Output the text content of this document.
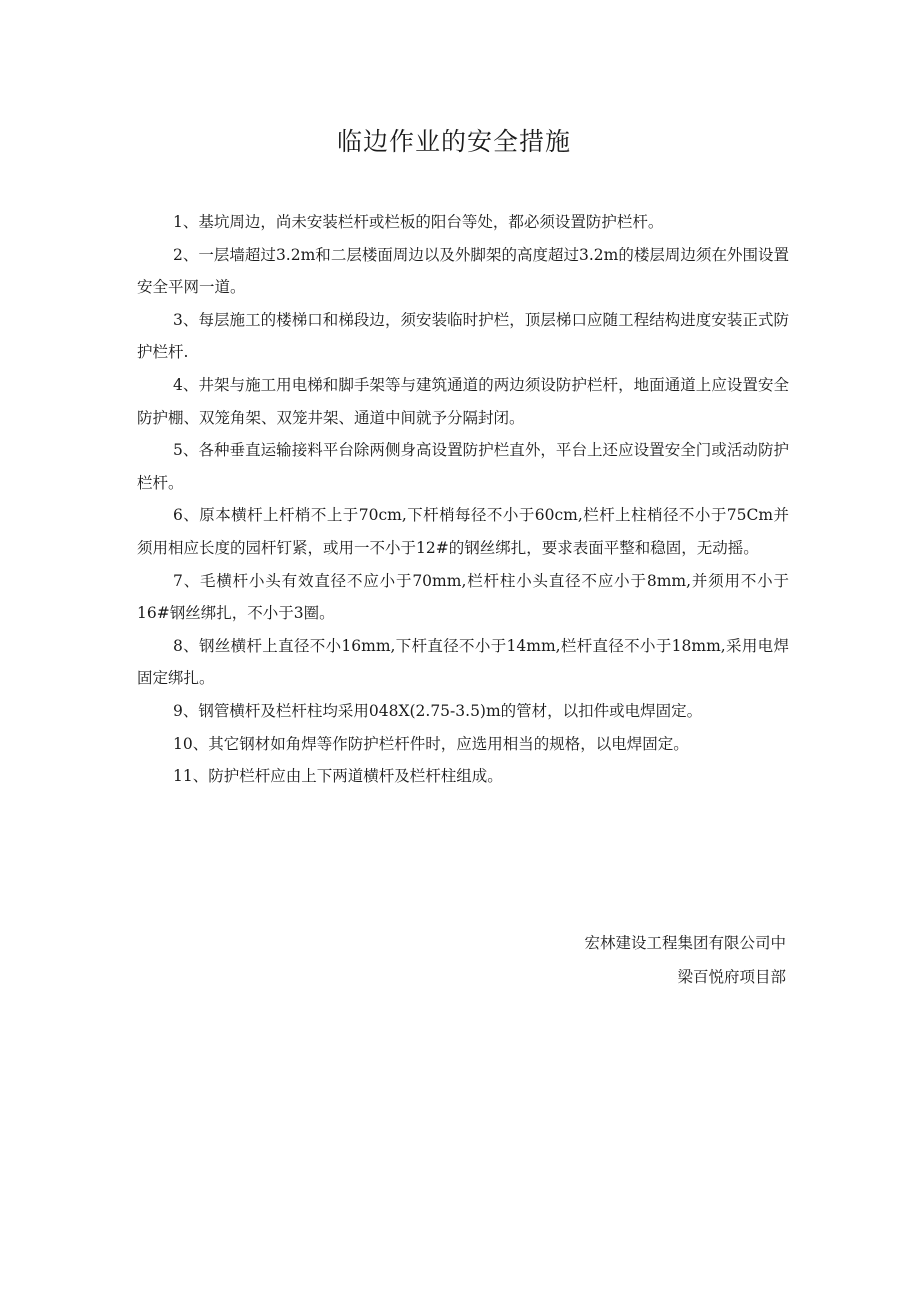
临边作业的安全措施

1、基坑周边，尚未安装栏杆或栏板的阳台等处，都必须设置防护栏杆。

2、一层墙超过3.2m和二层楼面周边以及外脚架的高度超过3.2m的楼层周边须在外围设置安全平网一道。

3、每层施工的楼梯口和梯段边，须安装临时护栏，顶层梯口应随工程结构进度安装正式防护栏杆.

4、井架与施工用电梯和脚手架等与建筑通道的两边须设防护栏杆，地面通道上应设置安全防护棚、双笼角架、双笼井架、通道中间就予分隔封闭。

5、各种垂直运输接料平台除两侧身高设置防护栏直外，平台上还应设置安全门或活动防护栏杆。

6、原本横杆上杆梢不上于70cm,下杆梢每径不小于60cm,栏杆上柱梢径不小于75Cm并须用相应长度的园杆钉紧，或用一不小于12#的钢丝绑扎，要求表面平整和稳固，无动摇。

7、毛横杆小头有效直径不应小于70mm,栏杆柱小头直径不应小于8mm,并须用不小于16#钢丝绑扎，不小于3圈。

8、钢丝横杆上直径不小16mm,下杆直径不小于14mm,栏杆直径不小于18mm,采用电焊固定绑扎。

9、钢管横杆及栏杆柱均采用048X(2.75-3.5)m的管材，以扣件或电焊固定。

10、其它钢材如角焊等作防护栏杆件时，应选用相当的规格，以电焊固定。

11、防护栏杆应由上下两道横杆及栏杆柱组成。

宏林建设工程集团有限公司中

梁百悦府项目部
